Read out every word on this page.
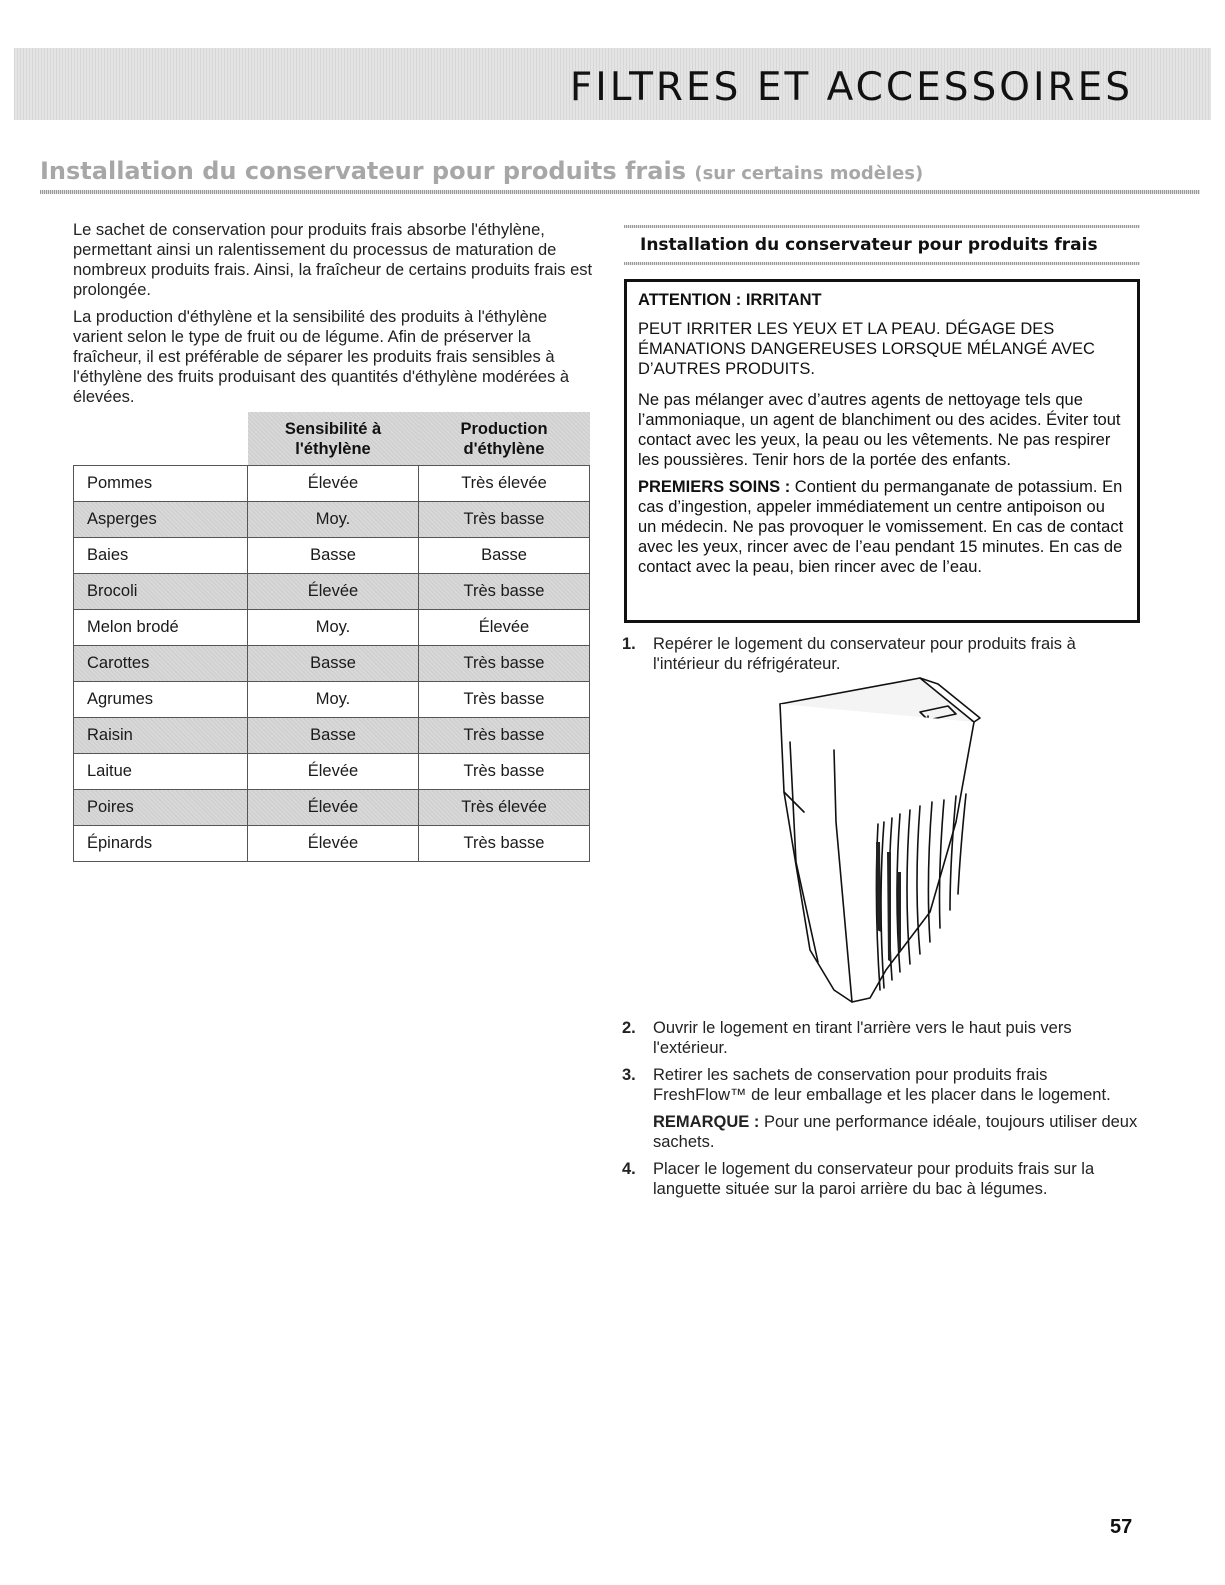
FILTRES ET ACCESSOIRES
Installation du conservateur pour produits frais (sur certains modèles)

Le sachet de conservation pour produits frais absorbe l'éthylène, permettant ainsi un ralentissement du processus de maturation de nombreux produits frais. Ainsi, la fraîcheur de certains produits frais est prolongée.

La production d'éthylène et la sensibilité des produits à l'éthylène varient selon le type de fruit ou de légume. Afin de préserver la fraîcheur, il est préférable de séparer les produits frais sensibles à l'éthylène des fruits produisant des quantités d'éthylène modérées à élevées.

	Sensibilité à l'éthylène	Production d'éthylène
Pommes	Élevée	Très élevée
Asperges	Moy.	Très basse
Baies	Basse	Basse
Brocoli	Élevée	Très basse
Melon brodé	Moy.	Élevée
Carottes	Basse	Très basse
Agrumes	Moy.	Très basse
Raisin	Basse	Très basse
Laitue	Élevée	Très basse
Poires	Élevée	Très élevée
Épinards	Élevée	Très basse
Installation du conservateur pour produits frais

ATTENTION : IRRITANT

PEUT IRRITER LES YEUX ET LA PEAU. DÉGAGE DES ÉMANATIONS DANGEREUSES LORSQUE MÉLANGÉ AVEC D’AUTRES PRODUITS.

Ne pas mélanger avec d’autres agents de nettoyage tels que l’ammoniaque, un agent de blanchiment ou des acides. Éviter tout contact avec les yeux, la peau ou les vêtements. Ne pas respirer les poussières. Tenir hors de la portée des enfants.

PREMIERS SOINS : Contient du permanganate de potassium. En cas d’ingestion, appeler immédiatement un centre antipoison ou un médecin. Ne pas provoquer le vomissement. En cas de contact avec les yeux, rincer avec de l’eau pendant 15 minutes. En cas de contact avec la peau, bien rincer avec de l’eau.

1. Repérer le logement du conservateur pour produits frais à l'intérieur du réfrigérateur.
2. Ouvrir le logement en tirant l'arrière vers le haut puis vers l'extérieur.
3. Retirer les sachets de conservation pour produits frais FreshFlow™ de leur emballage et les placer dans le logement.
REMARQUE : Pour une performance idéale, toujours utiliser deux sachets.
4. Placer le logement du conservateur pour produits frais sur la languette située sur la paroi arrière du bac à légumes.
57
